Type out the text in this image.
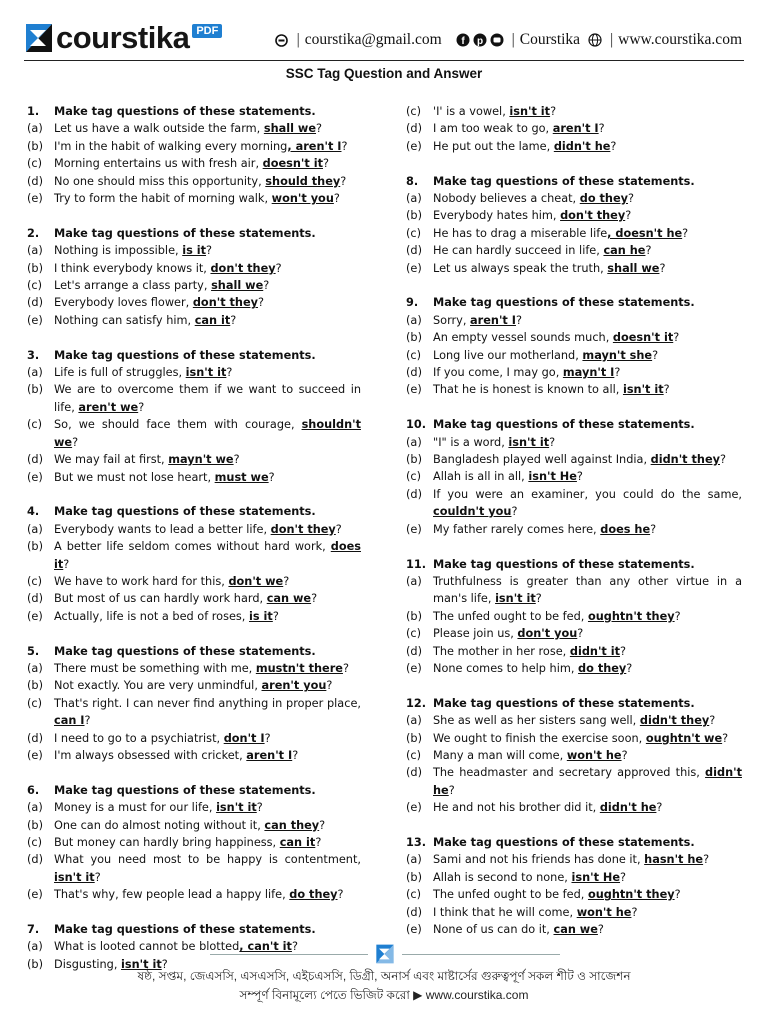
courstika PDF	| courstika@gmail.com f p | Courstika | www.courstika.com
SSC Tag Question and Answer
1.	Make tag questions of these statements.
(a) Let us have a walk outside the farm, shall we?
(b) I'm in the habit of walking every morning, aren't I?
(c)	Morning entertains us with fresh air, doesn't it?
(d) No one should miss this opportunity, should they?
(e) Try to form the habit of morning walk, won't you?
2.	Make tag questions of these statements.
(a) Nothing is impossible, is it?
(b) I think everybody knows it, don't they?
(c)	Let's arrange a class party, shall we?
(d) Everybody loves flower, don't they?
(e) Nothing can satisfy him, can it?
3.	Make tag questions of these statements.
(a) Life is full of struggles, isn't it?
(b) We are to overcome them if we want to succeed in life, aren't we?
(c)	So, we should face them with courage, shouldn't we?
(d) We may fail at first, mayn't we?
(e) But we must not lose heart, must we?
4.	Make tag questions of these statements.
(a) Everybody wants to lead a better life, don't they?
(b) A better life seldom comes without hard work, does it?
(c)	We have to work hard for this, don't we?
(d) But most of us can hardly work hard, can we?
(e) Actually, life is not a bed of roses, is it?
5.	Make tag questions of these statements.
(a) There must be something with me, mustn't there?
(b) Not exactly. You are very unmindful, aren't you?
(c)	That's right. I can never find anything in proper place, can I?
(d) I need to go to a psychiatrist, don't I?
(e) I'm always obsessed with cricket, aren't I?
6.	Make tag questions of these statements.
(a) Money is a must for our life, isn't it?
(b) One can do almost noting without it, can they?
(c)	But money can hardly bring happiness, can it?
(d) What you need most to be happy is contentment, isn't it?
(e) That's why, few people lead a happy life, do they?
7.	Make tag questions of these statements.
(a) What is looted cannot be blotted, can't it?
(b) Disgusting, isn't it?
(c)	'I' is a vowel, isn't it?
(d) I am too weak to go, aren't I?
(e) He put out the lame, didn't he?
8.	Make tag questions of these statements.
(a) Nobody believes a cheat, do they?
(b) Everybody hates him, don't they?
(c)	He has to drag a miserable life, doesn't he?
(d) He can hardly succeed in life, can he?
(e) Let us always speak the truth, shall we?
9.	Make tag questions of these statements.
(a) Sorry, aren't I?
(b) An empty vessel sounds much, doesn't it?
(c)	Long live our motherland, mayn't she?
(d) If you come, I may go, mayn't I?
(e) That he is honest is known to all, isn't it?
10. Make tag questions of these statements.
(a) "I" is a word, isn't it?
(b) Bangladesh played well against India, didn't they?
(c)	Allah is all in all, isn't He?
(d) If you were an examiner, you could do the same, couldn't you?
(e) My father rarely comes here, does he?
11. Make tag questions of these statements.
(a) Truthfulness is greater than any other virtue in a man's life, isn't it?
(b) The unfed ought to be fed, oughtn't they?
(c)	Please join us, don't you?
(d) The mother in her rose, didn't it?
(e) None comes to help him, do they?
12. Make tag questions of these statements.
(a) She as well as her sisters sang well, didn't they?
(b) We ought to finish the exercise soon, oughtn't we?
(c)	Many a man will come, won't he?
(d) The headmaster and secretary approved this, didn't he?
(e) He and not his brother did it, didn't he?
13. Make tag questions of these statements.
(a) Sami and not his friends has done it, hasn't he?
(b) Allah is second to none, isn't He?
(c)	The unfed ought to be fed, oughtn't they?
(d) I think that he will come, won't he?
(e) None of us can do it, can we?
ষষ্ঠ, সপ্তম, জেএসসি, এসএসসি, এইচএসসি, ডিগ্রী, অনার্স এবং মাষ্টার্সের গুরুত্বপূর্ণ সকল শীট ও সাজেশন
সম্পূর্ণ বিনামূল্যে পেতে ভিজিট করো ▶ www.courstika.com
